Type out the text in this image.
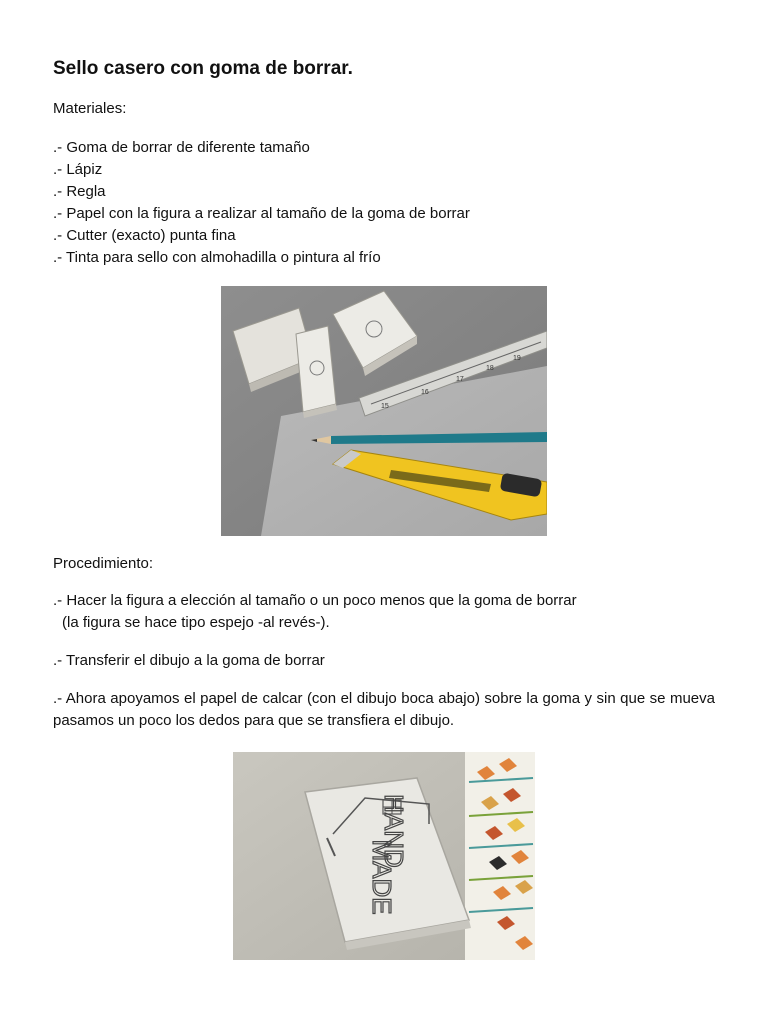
Sello casero con goma de borrar.

Materiales:

.- Goma de borrar de diferente tamaño
.- Lápiz
.- Regla
.- Papel con la figura a realizar al tamaño de la goma de borrar
.- Cutter (exacto) punta fina
.- Tinta para sello con almohadilla o pintura al frío
15
16
17
18
19

Procedimiento:

.- Hacer la figura a elección al tamaño o un poco menos que la goma de borrar

(la figura se hace tipo espejo -al revés-).

.- Transferir el dibujo a la goma de borrar

.- Ahora apoyamos el papel de calcar (con el dibujo boca abajo) sobre la goma y sin que se mueva pasamos un poco los dedos para que se transfiera el dibujo.

HAND
MADE
